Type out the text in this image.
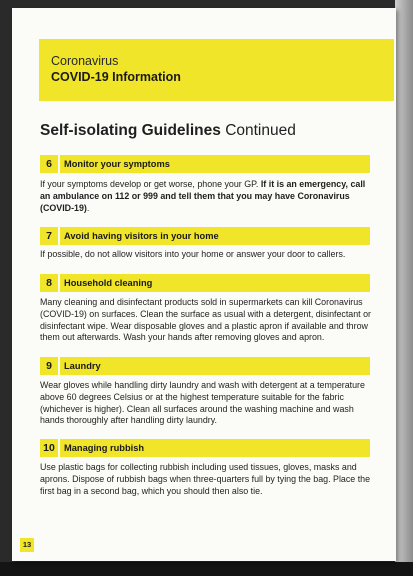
Coronavirus
COVID-19 Information
Self-isolating Guidelines Continued
6	Monitor your symptoms
If your symptoms develop or get worse, phone your GP. If it is an emergency, call an ambulance on 112 or 999 and tell them that you may have Coronavirus (COVID-19).
7	Avoid having visitors in your home
If possible, do not allow visitors into your home or answer your door to callers.
8	Household cleaning
Many cleaning and disinfectant products sold in supermarkets can kill Coronavirus (COVID-19) on surfaces. Clean the surface as usual with a detergent, disinfectant or disinfectant wipe. Wear disposable gloves and a plastic apron if available and throw them out afterwards. Wash your hands after removing gloves and apron.
9	Laundry
Wear gloves while handling dirty laundry and wash with detergent at a temperature above 60 degrees Celsius or at the highest temperature suitable for the fabric (whichever is higher). Clean all surfaces around the washing machine and wash hands thoroughly after handling dirty laundry.
10 Managing rubbish
Use plastic bags for collecting rubbish including used tissues, gloves, masks and aprons. Dispose of rubbish bags when three-quarters full by tying the bag. Place the first bag in a second bag, which you should then also tie.
13
